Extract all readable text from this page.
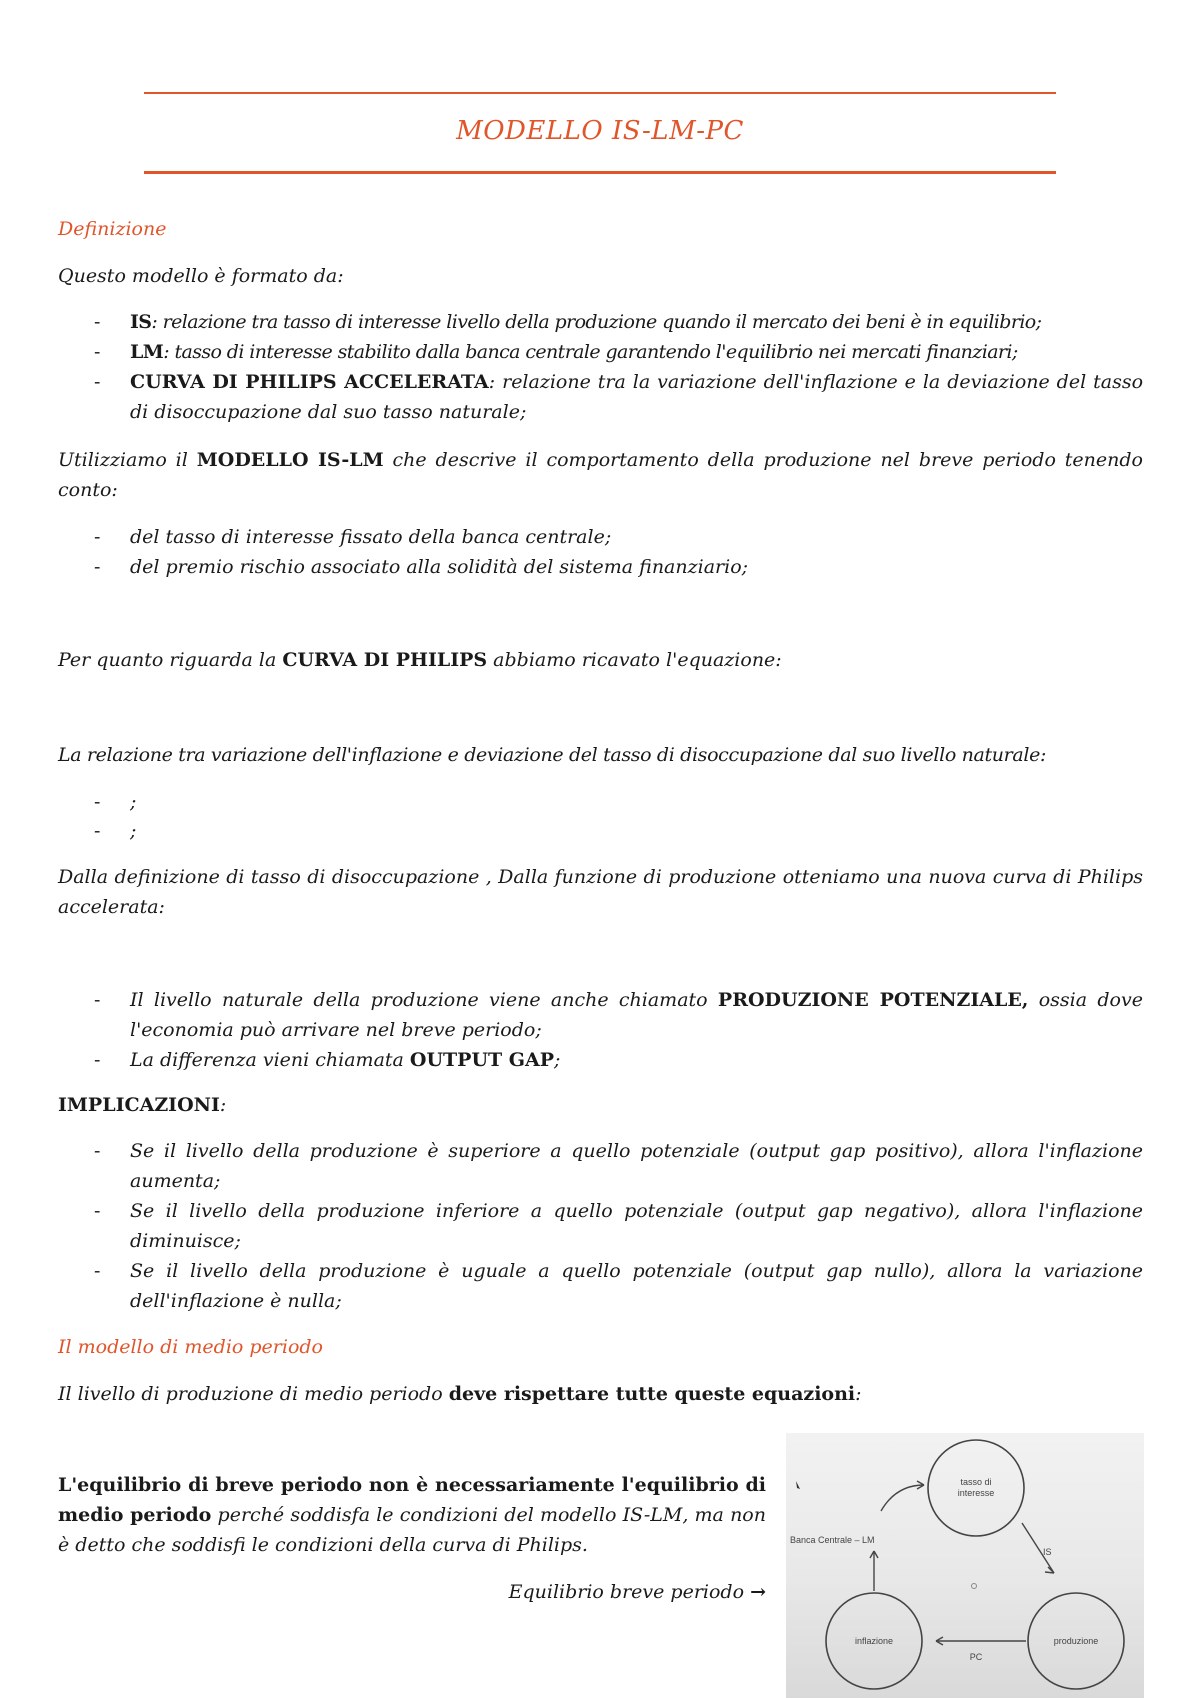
MODELLO IS-LM-PC
Definizione
Questo modello è formato da:
- IS: relazione tra tasso di interesse livello della produzione quando il mercato dei beni è in equilibrio;
- LM: tasso di interesse stabilito dalla banca centrale garantendo l'equilibrio nei mercati finanziari;
- CURVA DI PHILIPS ACCELERATA: relazione tra la variazione dell'inflazione e la deviazione del tasso di disoccupazione dal suo tasso naturale;
Utilizziamo il MODELLO IS-LM che descrive il comportamento della produzione nel breve periodo tenendo conto:
- del tasso di interesse fissato della banca centrale;
- del premio rischio associato alla solidità del sistema finanziario;
Per quanto riguarda la CURVA DI PHILIPS abbiamo ricavato l'equazione:
La relazione tra variazione dell'inflazione e deviazione del tasso di disoccupazione dal suo livello naturale:
- ;
- ;
Dalla definizione di tasso di disoccupazione , Dalla funzione di produzione otteniamo una nuova curva di Philips accelerata:
- Il livello naturale della produzione viene anche chiamato PRODUZIONE POTENZIALE, ossia dove l'economia può arrivare nel breve periodo;
- La differenza vieni chiamata OUTPUT GAP;
IMPLICAZIONI:
- Se il livello della produzione è superiore a quello potenziale (output gap positivo), allora l'inflazione aumenta;
- Se il livello della produzione inferiore a quello potenziale (output gap negativo), allora l'inflazione diminuisce;
- Se il livello della produzione è uguale a quello potenziale (output gap nullo), allora la variazione dell'inflazione è nulla;
Il modello di medio periodo
Il livello di produzione di medio periodo deve rispettare tutte queste equazioni:
L'equilibrio di breve periodo non è necessariamente l'equilibrio di medio periodo perché soddisfa le condizioni del modello IS-LM, ma non è detto che soddisfi le condizioni della curva di Philips.
Equilibrio breve periodo →
tasso di
interesse
produzione
inflazione
IS
PC
Banca Centrale – LM
